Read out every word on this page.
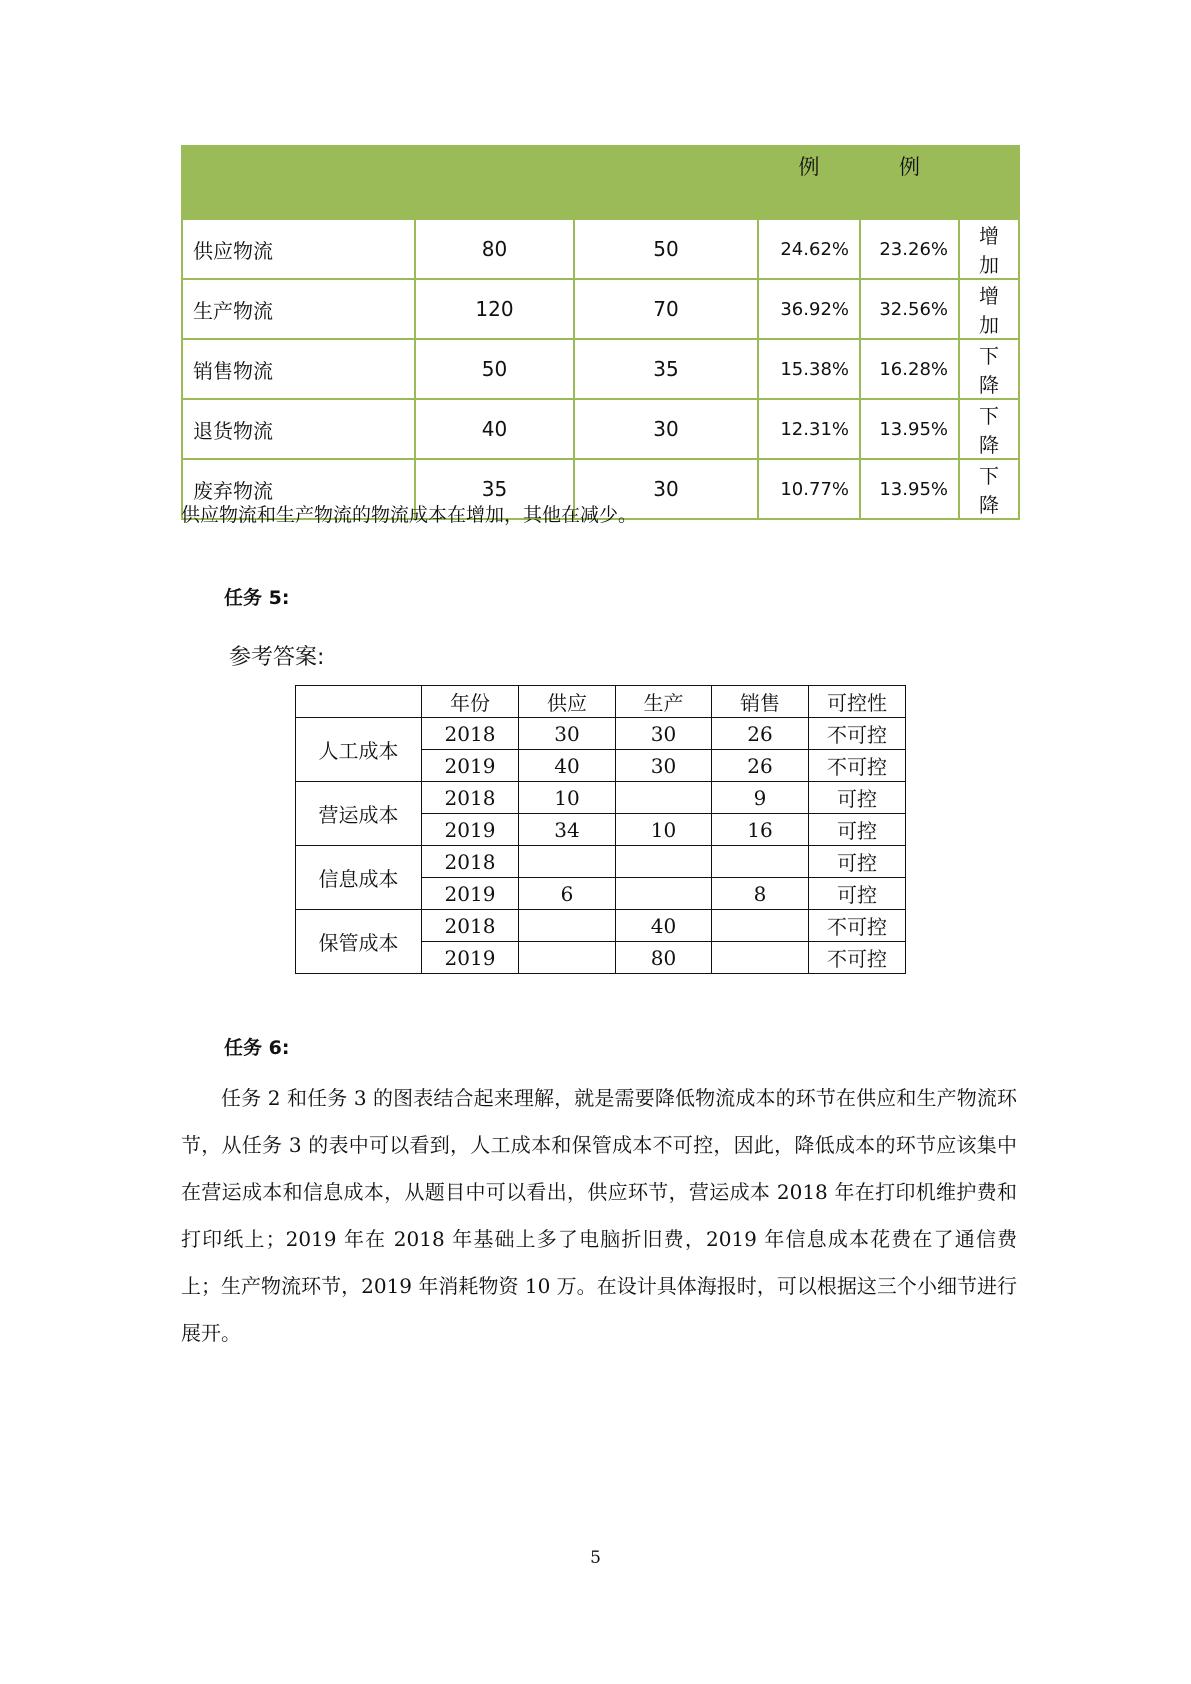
			例	例	
供应物流	80	50	24.62%	23.26%	增加
生产物流	120	70	36.92%	32.56%	增加
销售物流	50	35	15.38%	16.28%	下降
退货物流	40	30	12.31%	13.95%	下降
废弃物流	35	30	10.77%	13.95%	下降
供应物流和生产物流的物流成本在增加，其他在减少。
任务 5:
参考答案:
	年份	供应	生产	销售	可控性
人工成本	2018	30	30	26	不可控
	2019	40	30	26	不可控
营运成本	2018	10		9	可控
	2019	34	10	16	可控
信息成本	2018				可控
	2019	6		8	可控
保管成本	2018		40		不可控
	2019		80		不可控
任务 6:

任务 2 和任务 3 的图表结合起来理解，就是需要降低物流成本的环节在供应和生产物流环节，从任务 3 的表中可以看到，人工成本和保管成本不可控，因此，降低成本的环节应该集中在营运成本和信息成本，从题目中可以看出，供应环节，营运成本 2018 年在打印机维护费和打印纸上；2019 年在 2018 年基础上多了电脑折旧费，2019 年信息成本花费在了通信费上；生产物流环节，2019 年消耗物资 10 万。在设计具体海报时，可以根据这三个小细节进行展开。

5
